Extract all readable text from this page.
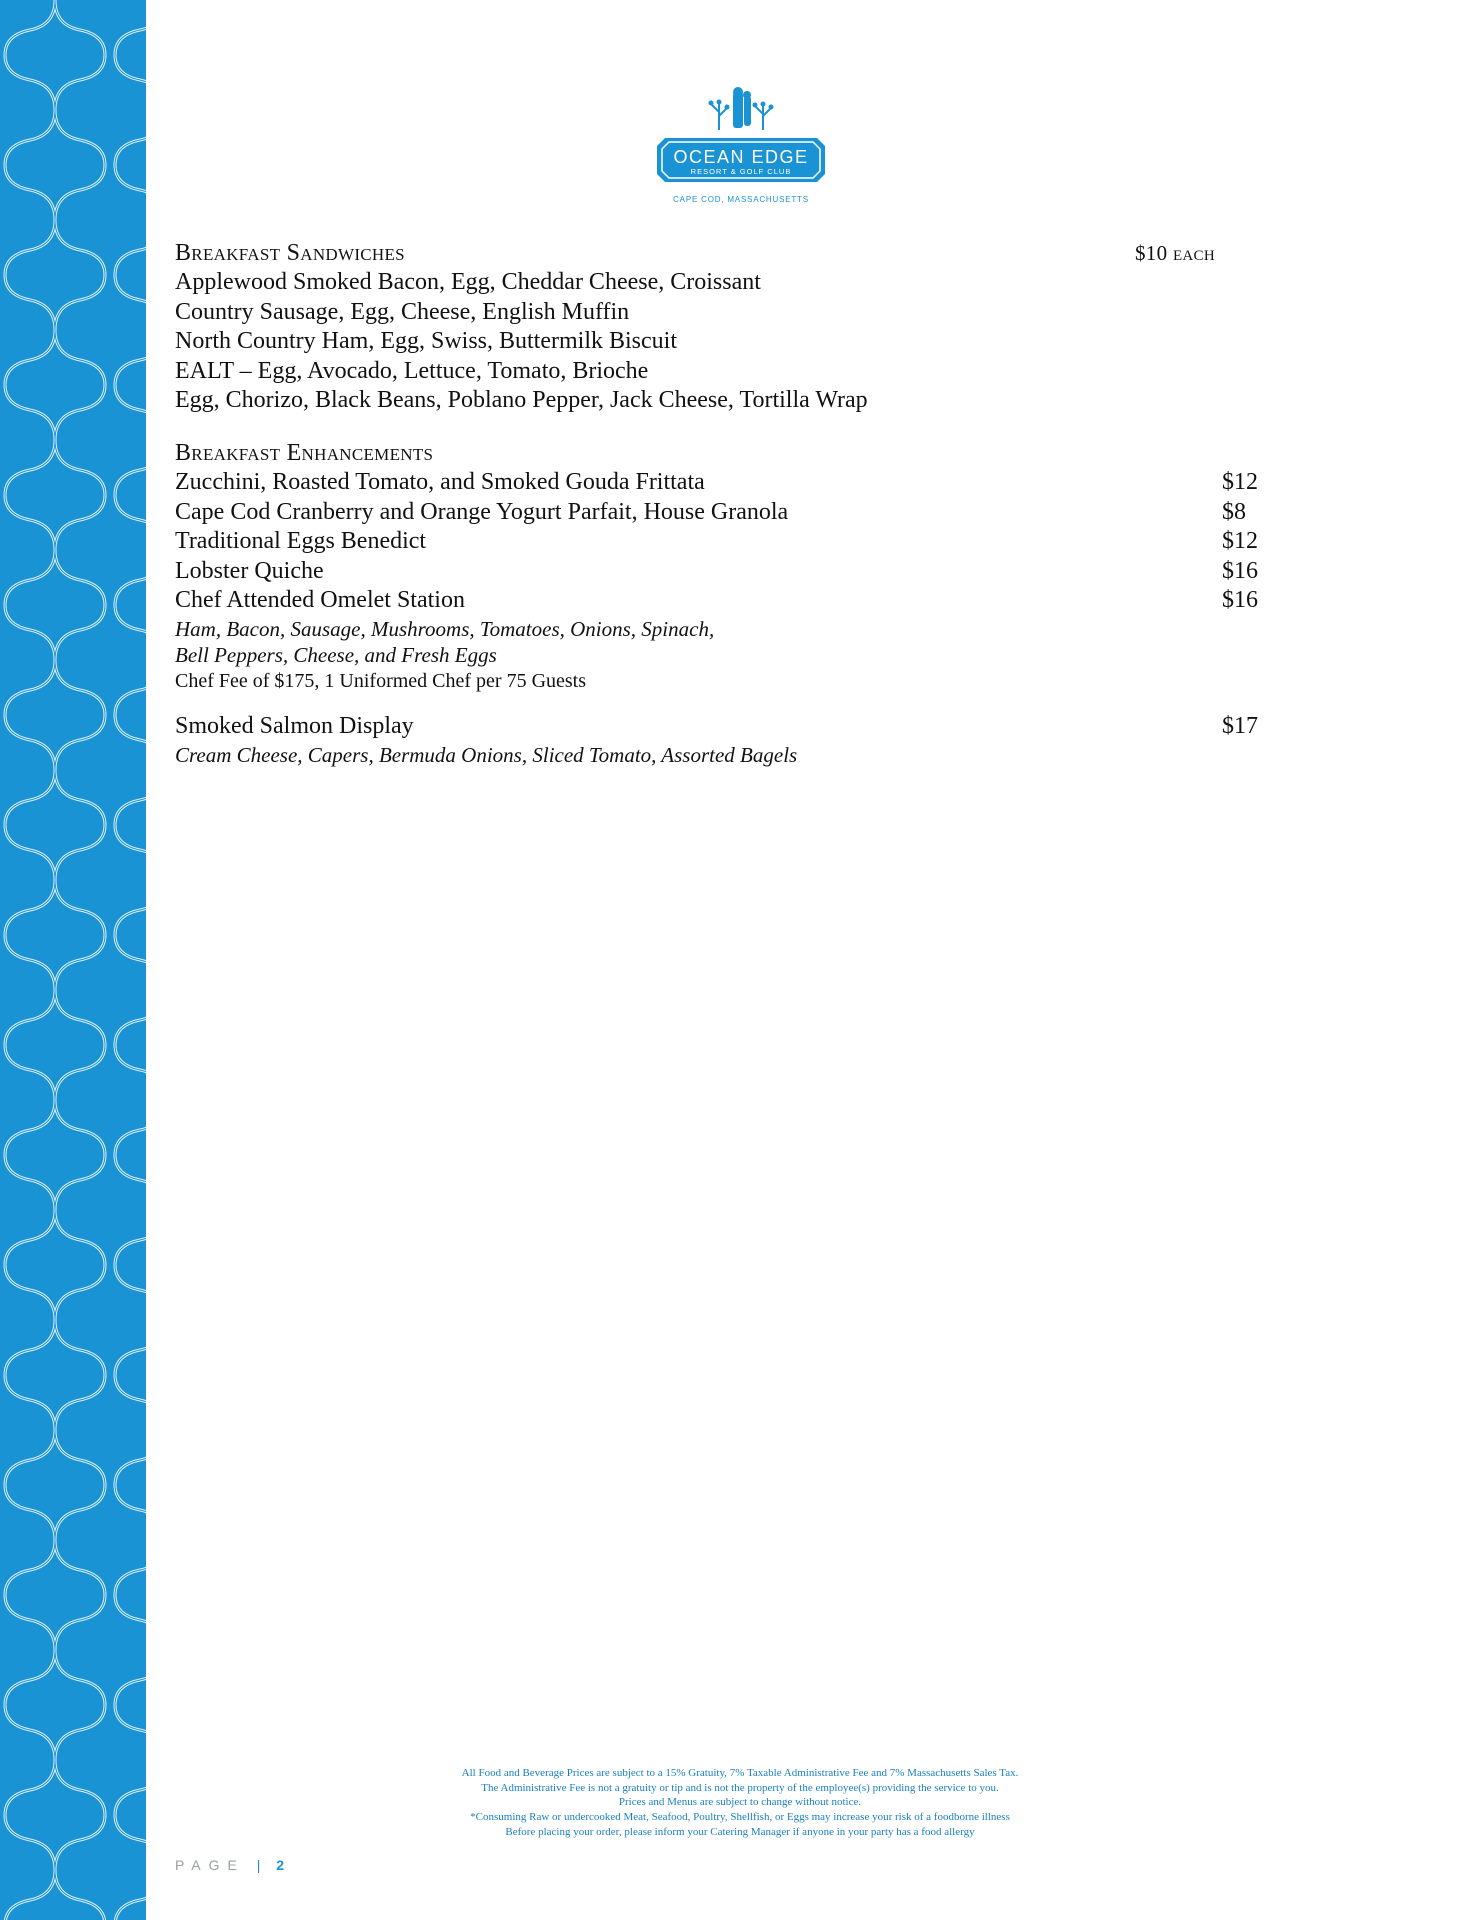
OCEAN EDGE
RESORT & GOLF CLUB
CAPE COD, MASSACHUSETTS
Breakfast Sandwiches	$10 each
Applewood Smoked Bacon, Egg, Cheddar Cheese, Croissant
Country Sausage, Egg, Cheese, English Muffin
North Country Ham, Egg, Swiss, Buttermilk Biscuit
EALT – Egg, Avocado, Lettuce, Tomato, Brioche
Egg, Chorizo, Black Beans, Poblano Pepper, Jack Cheese, Tortilla Wrap
Breakfast Enhancements
Zucchini, Roasted Tomato, and Smoked Gouda Frittata	$12
Cape Cod Cranberry and Orange Yogurt Parfait, House Granola	$8
Traditional Eggs Benedict	$12
Lobster Quiche	$16
Chef Attended Omelet Station	$16
Ham, Bacon, Sausage, Mushrooms, Tomatoes, Onions, Spinach,
Bell Peppers, Cheese, and Fresh Eggs
Chef Fee of $175, 1 Uniformed Chef per 75 Guests
Smoked Salmon Display	$17
Cream Cheese, Capers, Bermuda Onions, Sliced Tomato, Assorted Bagels
All Food and Beverage Prices are subject to a 15% Gratuity, 7% Taxable Administrative Fee and 7% Massachusetts Sales Tax.
The Administrative Fee is not a gratuity or tip and is not the property of the employee(s) providing the service to you.
Prices and Menus are subject to change without notice.
*Consuming Raw or undercooked Meat, Seafood, Poultry, Shellfish, or Eggs may increase your risk of a foodborne illness
Before placing your order, please inform your Catering Manager if anyone in your party has a food allergy
PAGE | 2
